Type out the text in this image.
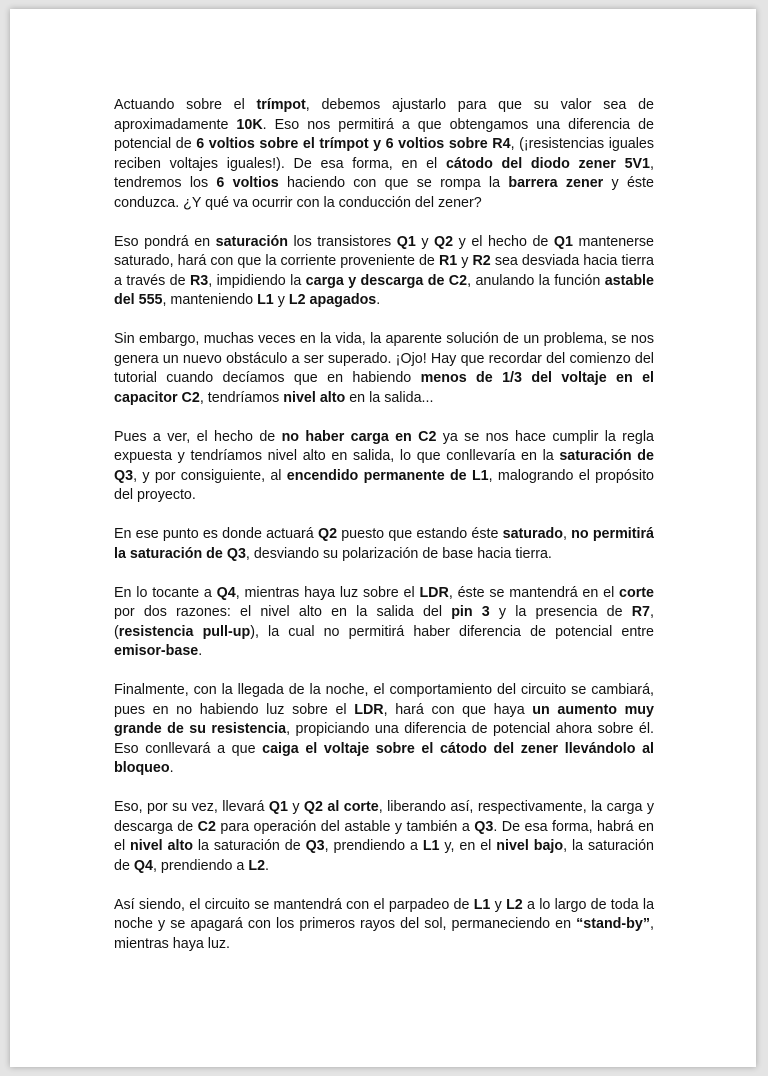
Actuando sobre el trímpot, debemos ajustarlo para que su valor sea de aproximadamente 10K. Eso nos permitirá a que obtengamos una diferencia de potencial de 6 voltios sobre el trímpot y 6 voltios sobre R4, (¡resistencias iguales reciben voltajes iguales!). De esa forma, en el cátodo del diodo zener 5V1, tendremos los 6 voltios haciendo con que se rompa la barrera zener y éste conduzca. ¿Y qué va ocurrir con la conducción del zener?

Eso pondrá en saturación los transistores Q1 y Q2 y el hecho de Q1 mantenerse saturado, hará con que la corriente proveniente de R1 y R2 sea desviada hacia tierra a través de R3, impidiendo la carga y descarga de C2, anulando la función astable del 555, manteniendo L1 y L2 apagados.

Sin embargo, muchas veces en la vida, la aparente solución de un problema, se nos genera un nuevo obstáculo a ser superado. ¡Ojo! Hay que recordar del comienzo del tutorial cuando decíamos que en habiendo menos de 1/3 del voltaje en el capacitor C2, tendríamos nivel alto en la salida...

Pues a ver, el hecho de no haber carga en C2 ya se nos hace cumplir la regla expuesta y tendríamos nivel alto en salida, lo que conllevaría en la saturación de Q3, y por consiguiente, al encendido permanente de L1, malogrando el propósito del proyecto.

En ese punto es donde actuará Q2 puesto que estando éste saturado, no permitirá la saturación de Q3, desviando su polarización de base hacia tierra.

En lo tocante a Q4, mientras haya luz sobre el LDR, éste se mantendrá en el corte por dos razones: el nivel alto en la salida del pin 3 y la presencia de R7, (resistencia pull-up), la cual no permitirá haber diferencia de potencial entre emisor-base.

Finalmente, con la llegada de la noche, el comportamiento del circuito se cambiará, pues en no habiendo luz sobre el LDR, hará con que haya un aumento muy grande de su resistencia, propiciando una diferencia de potencial ahora sobre él. Eso conllevará a que caiga el voltaje sobre el cátodo del zener llevándolo al bloqueo.

Eso, por su vez, llevará Q1 y Q2 al corte, liberando así, respectivamente, la carga y descarga de C2 para operación del astable y también a Q3. De esa forma, habrá en el nivel alto la saturación de Q3, prendiendo a L1 y, en el nivel bajo, la saturación de Q4, prendiendo a L2.

Así siendo, el circuito se mantendrá con el parpadeo de L1 y L2 a lo largo de toda la noche y se apagará con los primeros rayos del sol, permaneciendo en “stand-by”, mientras haya luz.
